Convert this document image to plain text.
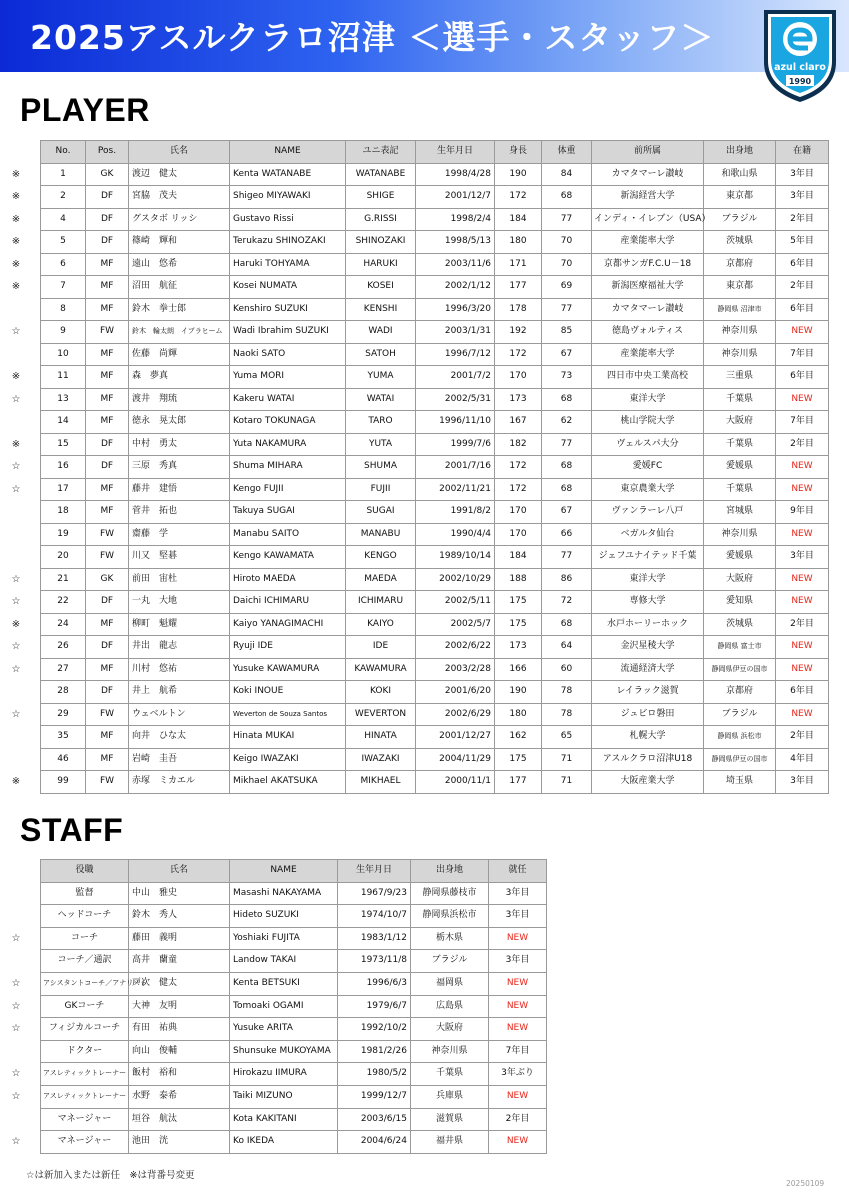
2025アスルクラロ沼津 ＜選手・スタッフ＞
azul claro
1990
PLAYER
※
※
※
※
※
※
☆
※
☆
※
☆
☆
☆
☆
※
☆
☆
☆
※
No.	Pos.	氏名	NAME	ユニ表記	生年月日	身長	体重	前所属	出身地	在籍
1	GK	渡辺　健太	Kenta WATANABE	WATANABE	1998/4/28	190	84	カマタマーレ讃岐	和歌山県	3年目
2	DF	宮脇　茂夫	Shigeo MIYAWAKI	SHIGE	2001/12/7	172	68	新潟経営大学	東京都	3年目
4	DF	グスタボ リッシ	Gustavo Rissi	G.RISSI	1998/2/4	184	77	インディ・イレブン（USA）	ブラジル	2年目
5	DF	篠崎　輝和	Terukazu SHINOZAKI	SHINOZAKI	1998/5/13	180	70	産業能率大学	茨城県	5年目
6	MF	遠山　悠希	Haruki TOHYAMA	HARUKI	2003/11/6	171	70	京都サンガF.C.U－18	京都府	6年目
7	MF	沼田　航征	Kosei NUMATA	KOSEI	2002/1/12	177	69	新潟医療福祉大学	東京都	2年目
8	MF	鈴木　拳士郎	Kenshiro SUZUKI	KENSHI	1996/3/20	178	77	カマタマーレ讃岐	静岡県 沼津市	6年目
9	FW	鈴木　輪太朗　イブラヒーム	Wadi Ibrahim SUZUKI	WADI	2003/1/31	192	85	徳島ヴォルティス	神奈川県	NEW
10	MF	佐藤　尚輝	Naoki SATO	SATOH	1996/7/12	172	67	産業能率大学	神奈川県	7年目
11	MF	森　夢真	Yuma MORI	YUMA	2001/7/2	170	73	四日市中央工業高校	三重県	6年目
13	MF	渡井　翔琉	Kakeru WATAI	WATAI	2002/5/31	173	68	東洋大学	千葉県	NEW
14	MF	徳永　晃太郎	Kotaro TOKUNAGA	TARO	1996/11/10	167	62	桃山学院大学	大阪府	7年目
15	DF	中村　勇太	Yuta NAKAMURA	YUTA	1999/7/6	182	77	ヴェルスパ大分	千葉県	2年目
16	DF	三原　秀真	Shuma MIHARA	SHUMA	2001/7/16	172	68	愛媛FC	愛媛県	NEW
17	MF	藤井　建悟	Kengo FUJII	FUJII	2002/11/21	172	68	東京農業大学	千葉県	NEW
18	MF	菅井　拓也	Takuya SUGAI	SUGAI	1991/8/2	170	67	ヴァンラーレ八戸	宮城県	9年目
19	FW	齋藤　学	Manabu SAITO	MANABU	1990/4/4	170	66	ベガルタ仙台	神奈川県	NEW
20	FW	川又　堅碁	Kengo KAWAMATA	KENGO	1989/10/14	184	77	ジェフユナイテッド千葉	愛媛県	3年目
21	GK	前田　宙杜	Hiroto MAEDA	MAEDA	2002/10/29	188	86	東洋大学	大阪府	NEW
22	DF	一丸　大地	Daichi ICHIMARU	ICHIMARU	2002/5/11	175	72	専修大学	愛知県	NEW
24	MF	柳町　魁耀	Kaiyo YANAGIMACHI	KAIYO	2002/5/7	175	68	水戸ホーリーホック	茨城県	2年目
26	DF	井出　龍志	Ryuji IDE	IDE	2002/6/22	173	64	金沢星稜大学	静岡県 富士市	NEW
27	MF	川村　悠祐	Yusuke KAWAMURA	KAWAMURA	2003/2/28	166	60	流通経済大学	静岡県伊豆の国市	NEW
28	DF	井上　航希	Koki INOUE	KOKI	2001/6/20	190	78	レイラック滋賀	京都府	6年目
29	FW	ウェベルトン	Weverton de Souza Santos	WEVERTON	2002/6/29	180	78	ジュビロ磐田	ブラジル	NEW
35	MF	向井　ひな太	Hinata MUKAI	HINATA	2001/12/27	162	65	札幌大学	静岡県 浜松市	2年目
46	MF	岩崎　圭吾	Keigo IWAZAKI	IWAZAKI	2004/11/29	175	71	アスルクラロ沼津U18	静岡県伊豆の国市	4年目
99	FW	赤塚　ミカエル	Mikhael AKATSUKA	MIKHAEL	2000/11/1	177	71	大阪産業大学	埼玉県	3年目
STAFF
☆
☆
☆
☆
☆
☆
☆
役職	氏名	NAME	生年月日	出身地	就任
監督	中山　雅史	Masashi NAKAYAMA	1967/9/23	静岡県藤枝市	3年目
ヘッドコーチ	鈴木　秀人	Hideto SUZUKI	1974/10/7	静岡県浜松市	3年目
コーチ	藤田　義明	Yoshiaki FUJITA	1983/1/12	栃木県	NEW
コーチ／通訳	高井　蘭童	Landow TAKAI	1973/11/8	ブラジル	3年目
アシスタントコーチ／アナリスト	戸次　健太	Kenta BETSUKI	1996/6/3	福岡県	NEW
GKコーチ	大神　友明	Tomoaki OGAMI	1979/6/7	広島県	NEW
フィジカルコーチ	有田　祐典	Yusuke ARITA	1992/10/2	大阪府	NEW
ドクター	向山　俊輔	Shunsuke MUKOYAMA	1981/2/26	神奈川県	7年目
アスレティックトレーナー	飯村　裕和	Hirokazu IIMURA	1980/5/2	千葉県	3年ぶり
アスレティックトレーナー	水野　泰希	Taiki MIZUNO	1999/12/7	兵庫県	NEW
マネージャー	垣谷　航汰	Kota KAKITANI	2003/6/15	滋賀県	2年目
マネージャー	池田　洸	Ko IKEDA	2004/6/24	福井県	NEW
☆は新加入または新任　※は背番号変更
20250109
